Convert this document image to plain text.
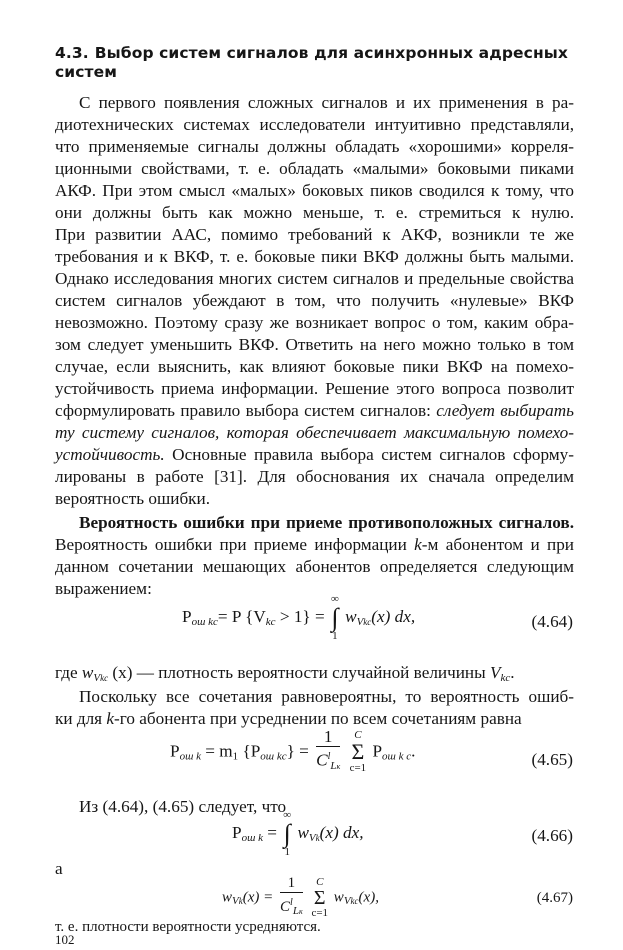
4.3. Выбор систем сигналов для асинхронных адресных
систем
С первого появления сложных сигналов и их применения в ра-
диотехнических системах исследователи интуитивно представляли,
что применяемые сигналы должны обладать «хорошими» корреля-
ционными свойствами, т. е. обладать «малыми» боковыми пиками
АКФ. При этом смысл «малых» боковых пиков сводился к тому, что
они должны быть как можно меньше, т. е. стремиться к нулю.
При развитии ААС, помимо требований к АКФ, возникли те же
требования и к ВКФ, т. е. боковые пики ВКФ должны быть малыми.
Однако исследования многих систем сигналов и предельные свойства
систем сигналов убеждают в том, что получить «нулевые» ВКФ
невозможно. Поэтому сразу же возникает вопрос о том, каким обра-
зом следует уменьшить ВКФ. Ответить на него можно только в том
случае, если выяснить, как влияют боковые пики ВКФ на помехо-
устойчивость приема информации. Решение этого вопроса позволит
сформулировать правило выбора систем сигналов: следует выбирать
ту систему сигналов, которая обеспечивает максимальную помехо-
устойчивость. Основные правила выбора систем сигналов сформу-
лированы в работе [31]. Для обоснования их сначала определим
вероятность ошибки.
Вероятность ошибки при приеме противоположных сигналов.
Вероятность ошибки при приеме информации k-м абонентом и при
данном сочетании мешающих абонентов определяется следующим
выражением:
$P_{ош kc}= P$ $\{V_{kc} > 1\}$ =
∞
∫
1
$w_{Vkc}(x)$ dx,	(4.64)
где $w_{Vkc}$ (x) — плотность вероятности случайной величины $V_{kc}$.
Поскольку все сочетания равновероятны, то вероятность ошиб-
ки для k-го абонента при усреднении по всем сочетаниям равна
$P_{ош k} = m1$ $\{P_{ош kc}\} = \frac{1}{C^l_{Lк}}$
	C
Σ
c=1
$P_{ош k c}$.	(4.65)
Из (4.64), (4.65) следует, что
$P_{ош k}$ =
∞
∫
1
$w_{Vk}(x)$ dx,	(4.66)
а
$w_{Vk}(x) = \frac{1}{C^l_{Lк}}$
	C
Σ
c=1
$w_{Vkc}(x)$,	(4.67)
т. е. плотности вероятности усредняются.
102
